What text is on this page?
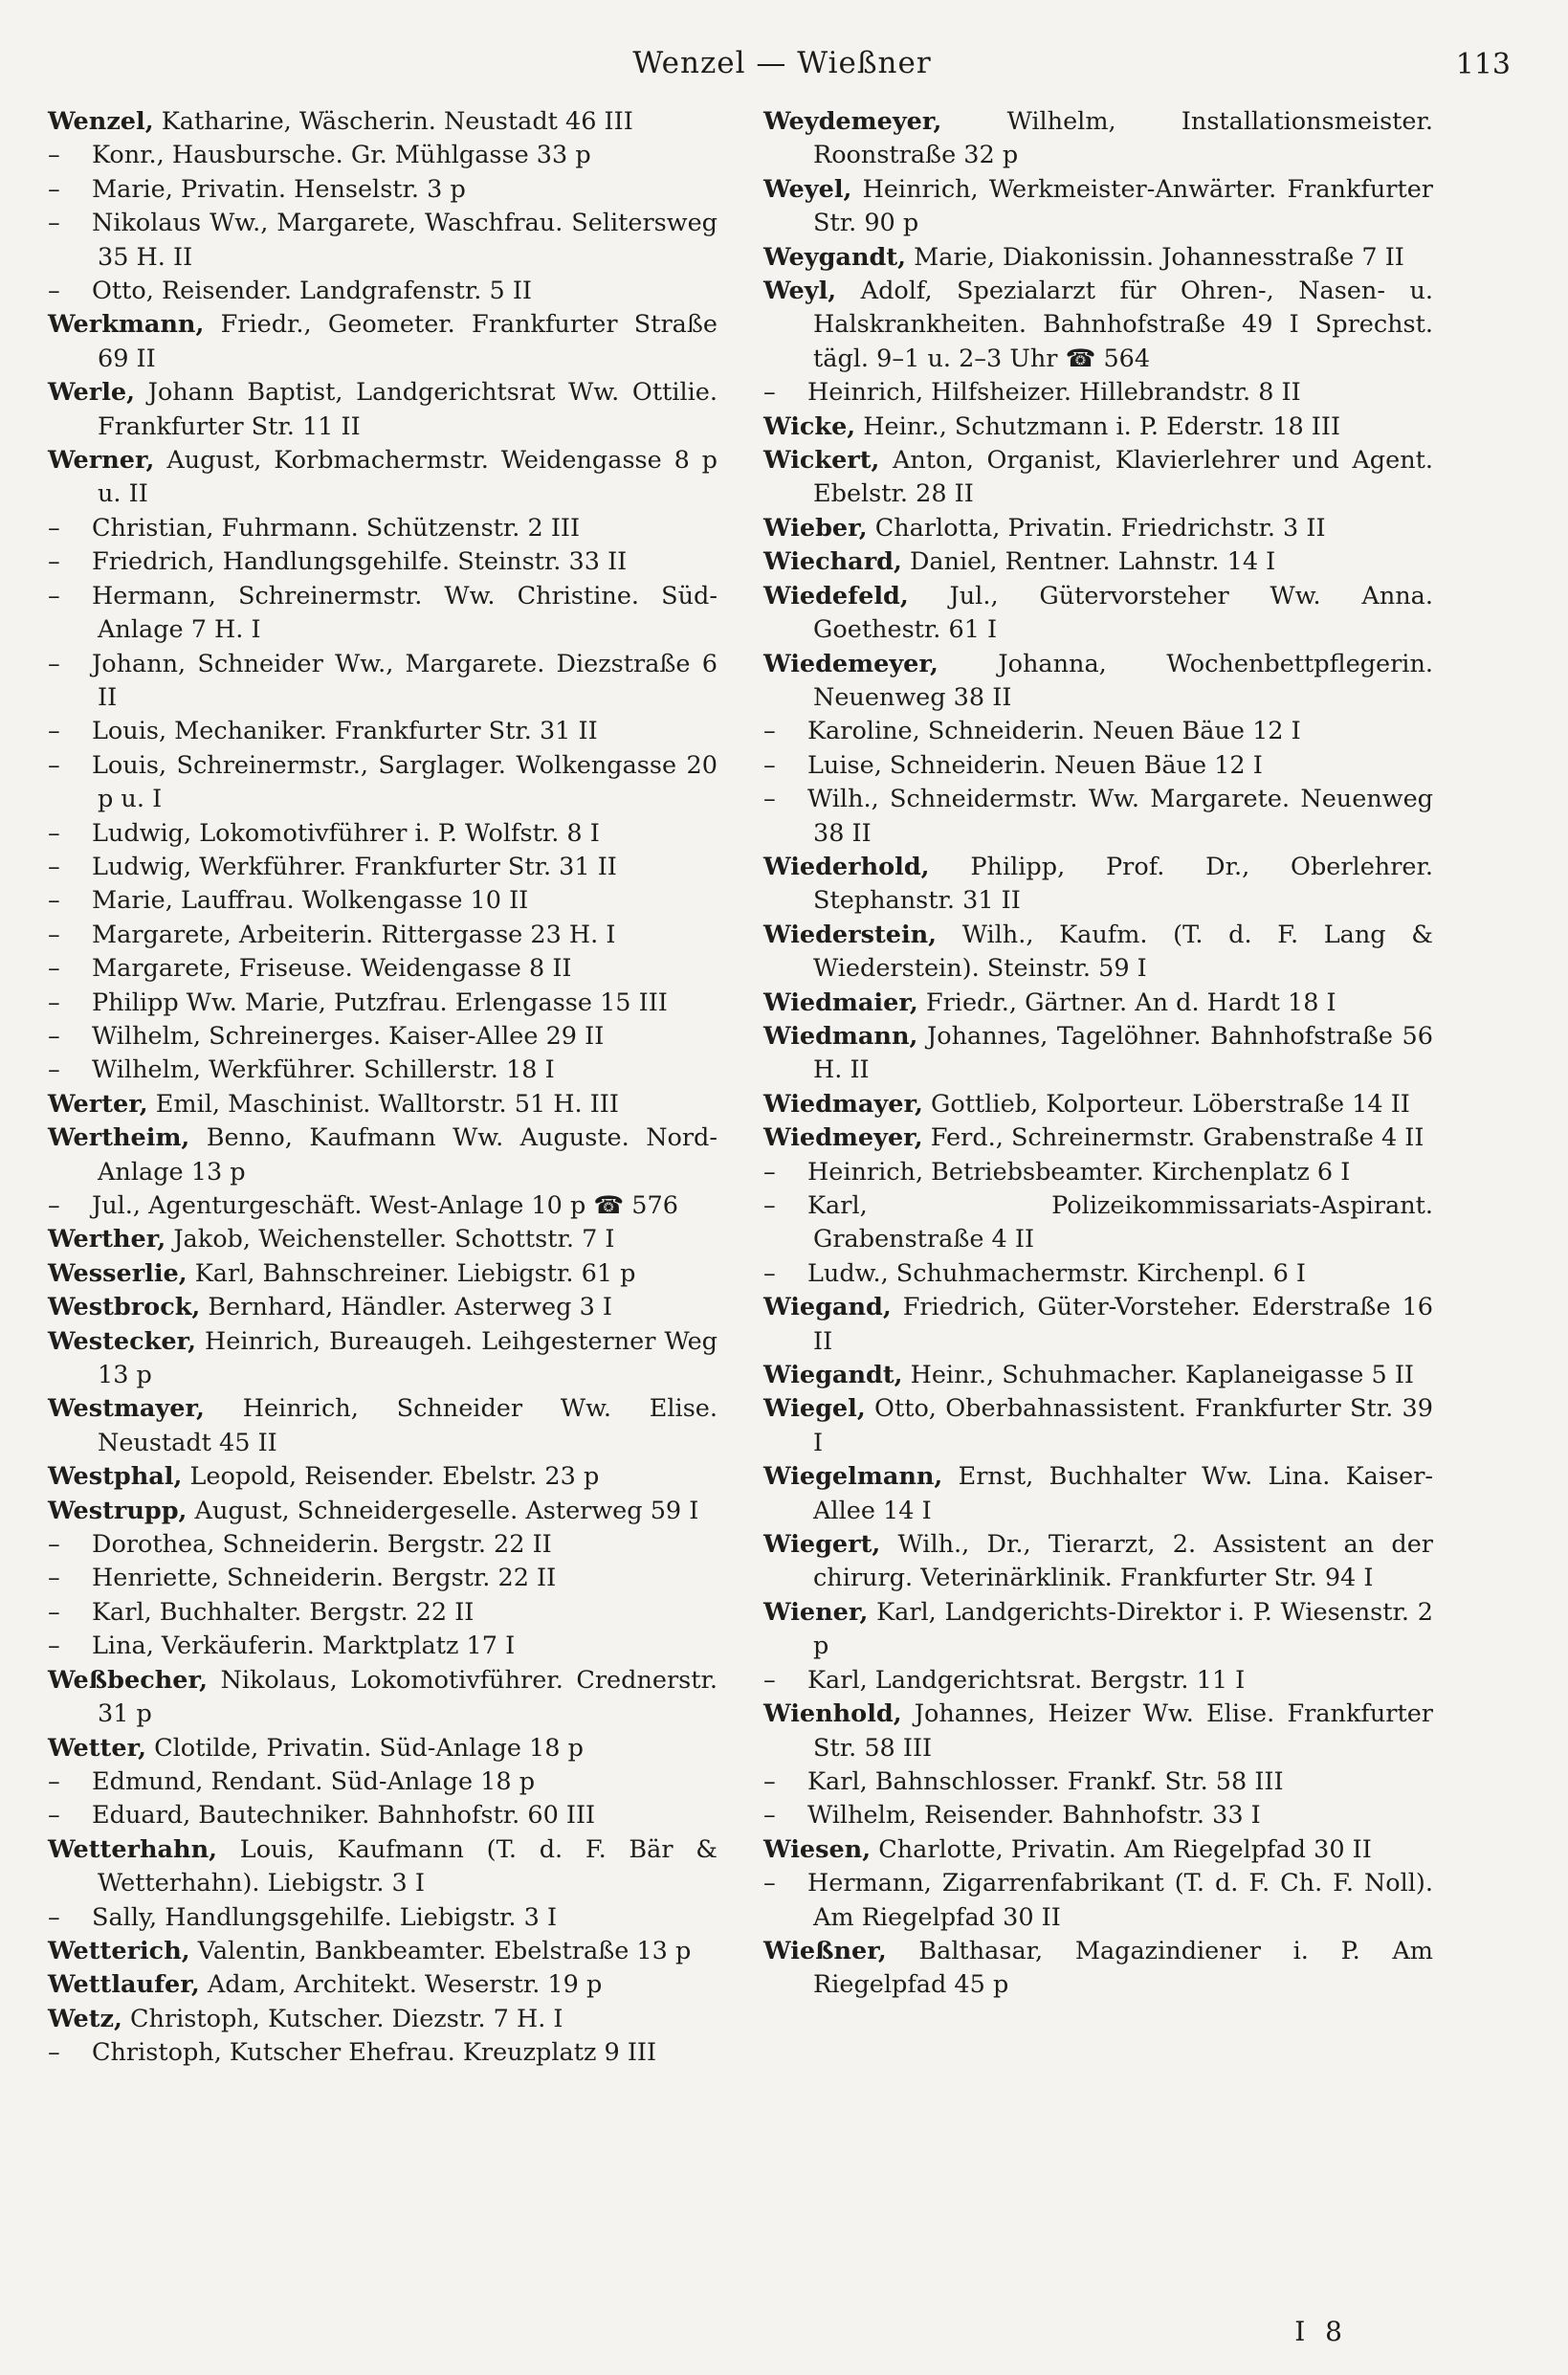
Wenzel — Wießner	113
Wenzel, Katharine, Wäscherin. Neustadt 46 III
– Konr., Hausbursche. Gr. Mühlgasse 33 p
– Marie, Privatin. Henselstr. 3 p
– Nikolaus Ww., Margarete, Waschfrau. Selitersweg 35 H. II
– Otto, Reisender. Landgrafenstr. 5 II
Werkmann, Friedr., Geometer. Frankfurter Straße 69 II
Werle, Johann Baptist, Landgerichtsrat Ww. Ottilie. Frankfurter Str. 11 II
Werner, August, Korbmachermstr. Weidengasse 8 p u. II
– Christian, Fuhrmann. Schützenstr. 2 III
– Friedrich, Handlungsgehilfe. Steinstr. 33 II
– Hermann, Schreinermstr. Ww. Christine. Süd-Anlage 7 H. I
– Johann, Schneider Ww., Margarete. Diezstraße 6 II
– Louis, Mechaniker. Frankfurter Str. 31 II
– Louis, Schreinermstr., Sarglager. Wolkengasse 20 p u. I
– Ludwig, Lokomotivführer i. P. Wolfstr. 8 I
– Ludwig, Werkführer. Frankfurter Str. 31 II
– Marie, Lauffrau. Wolkengasse 10 II
– Margarete, Arbeiterin. Rittergasse 23 H. I
– Margarete, Friseuse. Weidengasse 8 II
– Philipp Ww. Marie, Putzfrau. Erlengasse 15 III
– Wilhelm, Schreinerges. Kaiser-Allee 29 II
– Wilhelm, Werkführer. Schillerstr. 18 I
Werter, Emil, Maschinist. Walltorstr. 51 H. III
Wertheim, Benno, Kaufmann Ww. Auguste. Nord-Anlage 13 p
– Jul., Agenturgeschäft. West-Anlage 10 p ☎ 576
Werther, Jakob, Weichensteller. Schottstr. 7 I
Wesserlie, Karl, Bahnschreiner. Liebigstr. 61 p
Westbrock, Bernhard, Händler. Asterweg 3 I
Westecker, Heinrich, Bureaugeh. Leihgesterner Weg 13 p
Westmayer, Heinrich, Schneider Ww. Elise. Neustadt 45 II
Westphal, Leopold, Reisender. Ebelstr. 23 p
Westrupp, August, Schneidergeselle. Asterweg 59 I
– Dorothea, Schneiderin. Bergstr. 22 II
– Henriette, Schneiderin. Bergstr. 22 II
– Karl, Buchhalter. Bergstr. 22 II
– Lina, Verkäuferin. Marktplatz 17 I
Weßbecher, Nikolaus, Lokomotivführer. Crednerstr. 31 p
Wetter, Clotilde, Privatin. Süd-Anlage 18 p
– Edmund, Rendant. Süd-Anlage 18 p
– Eduard, Bautechniker. Bahnhofstr. 60 III
Wetterhahn, Louis, Kaufmann (T. d. F. Bär & Wetterhahn). Liebigstr. 3 I
– Sally, Handlungsgehilfe. Liebigstr. 3 I
Wetterich, Valentin, Bankbeamter. Ebelstraße 13 p
Wettlaufer, Adam, Architekt. Weserstr. 19 p
Wetz, Christoph, Kutscher. Diezstr. 7 H. I
– Christoph, Kutscher Ehefrau. Kreuzplatz 9 III
Weydemeyer, Wilhelm, Installationsmeister. Roonstraße 32 p
Weyel, Heinrich, Werkmeister-Anwärter. Frankfurter Str. 90 p
Weygandt, Marie, Diakonissin. Johannesstraße 7 II
Weyl, Adolf, Spezialarzt für Ohren-, Nasen- u. Halskrankheiten. Bahnhofstraße 49 I Sprechst. tägl. 9–1 u. 2–3 Uhr ☎ 564
– Heinrich, Hilfsheizer. Hillebrandstr. 8 II
Wicke, Heinr., Schutzmann i. P. Ederstr. 18 III
Wickert, Anton, Organist, Klavierlehrer und Agent. Ebelstr. 28 II
Wieber, Charlotta, Privatin. Friedrichstr. 3 II
Wiechard, Daniel, Rentner. Lahnstr. 14 I
Wiedefeld, Jul., Gütervorsteher Ww. Anna. Goethestr. 61 I
Wiedemeyer, Johanna, Wochenbettpflegerin. Neuenweg 38 II
– Karoline, Schneiderin. Neuen Bäue 12 I
– Luise, Schneiderin. Neuen Bäue 12 I
– Wilh., Schneidermstr. Ww. Margarete. Neuenweg 38 II
Wiederhold, Philipp, Prof. Dr., Oberlehrer. Stephanstr. 31 II
Wiederstein, Wilh., Kaufm. (T. d. F. Lang & Wiederstein). Steinstr. 59 I
Wiedmaier, Friedr., Gärtner. An d. Hardt 18 I
Wiedmann, Johannes, Tagelöhner. Bahnhofstraße 56 H. II
Wiedmayer, Gottlieb, Kolporteur. Löberstraße 14 II
Wiedmeyer, Ferd., Schreinermstr. Grabenstraße 4 II
– Heinrich, Betriebsbeamter. Kirchenplatz 6 I
– Karl, Polizeikommissariats-Aspirant. Grabenstraße 4 II
– Ludw., Schuhmachermstr. Kirchenpl. 6 I
Wiegand, Friedrich, Güter-Vorsteher. Ederstraße 16 II
Wiegandt, Heinr., Schuhmacher. Kaplaneigasse 5 II
Wiegel, Otto, Oberbahnassistent. Frankfurter Str. 39 I
Wiegelmann, Ernst, Buchhalter Ww. Lina. Kaiser-Allee 14 I
Wiegert, Wilh., Dr., Tierarzt, 2. Assistent an der chirurg. Veterinärklinik. Frankfurter Str. 94 I
Wiener, Karl, Landgerichts-Direktor i. P. Wiesenstr. 2 p
– Karl, Landgerichtsrat. Bergstr. 11 I
Wienhold, Johannes, Heizer Ww. Elise. Frankfurter Str. 58 III
– Karl, Bahnschlosser. Frankf. Str. 58 III
– Wilhelm, Reisender. Bahnhofstr. 33 I
Wiesen, Charlotte, Privatin. Am Riegelpfad 30 II
– Hermann, Zigarrenfabrikant (T. d. F. Ch. F. Noll). Am Riegelpfad 30 II
Wießner, Balthasar, Magazindiener i. P. Am Riegelpfad 45 p
I 8
